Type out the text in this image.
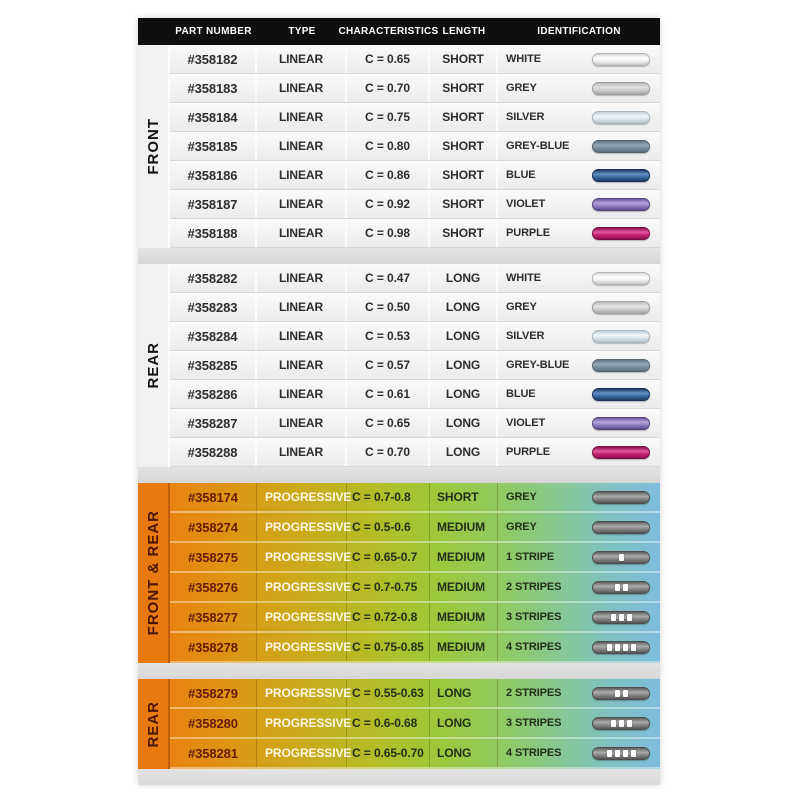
PART NUMBER	TYPE	CHARACTERISTICS LENGTH	IDENTIFICATION
FRONT
#358182	LINEAR	C = 0.65	SHORT	WHITE
#358183	LINEAR	C = 0.70	SHORT	GREY
#358184	LINEAR	C = 0.75	SHORT	SILVER
#358185	LINEAR	C = 0.80	SHORT	GREY-BLUE
#358186	LINEAR	C = 0.86	SHORT	BLUE
#358187	LINEAR	C = 0.92	SHORT	VIOLET
#358188	LINEAR	C = 0.98	SHORT	PURPLE
REAR
#358282	LINEAR	C = 0.47	LONG	WHITE
#358283	LINEAR	C = 0.50	LONG	GREY
#358284	LINEAR	C = 0.53	LONG	SILVER
#358285	LINEAR	C = 0.57	LONG	GREY-BLUE
#358286	LINEAR	C = 0.61	LONG	BLUE
#358287	LINEAR	C = 0.65	LONG	VIOLET
#358288	LINEAR	C = 0.70	LONG	PURPLE
FRONT & REAR
#358174	PROGRESSIVE C = 0.7-0.8	SHORT	GREY
#358274	PROGRESSIVE C = 0.5-0.6	MEDIUM	GREY
#358275	PROGRESSIVE C = 0.65-0.7	MEDIUM	1 STRIPE
#358276	PROGRESSIVE C = 0.7-0.75	MEDIUM	2 STRIPES
#358277	PROGRESSIVE C = 0.72-0.8	MEDIUM	3 STRIPES
#358278	PROGRESSIVE C = 0.75-0.85	MEDIUM	4 STRIPES
REAR
#358279	PROGRESSIVE C = 0.55-0.63	LONG	2 STRIPES
#358280	PROGRESSIVE C = 0.6-0.68	LONG	3 STRIPES
#358281	PROGRESSIVE C = 0.65-0.70	LONG	4 STRIPES
